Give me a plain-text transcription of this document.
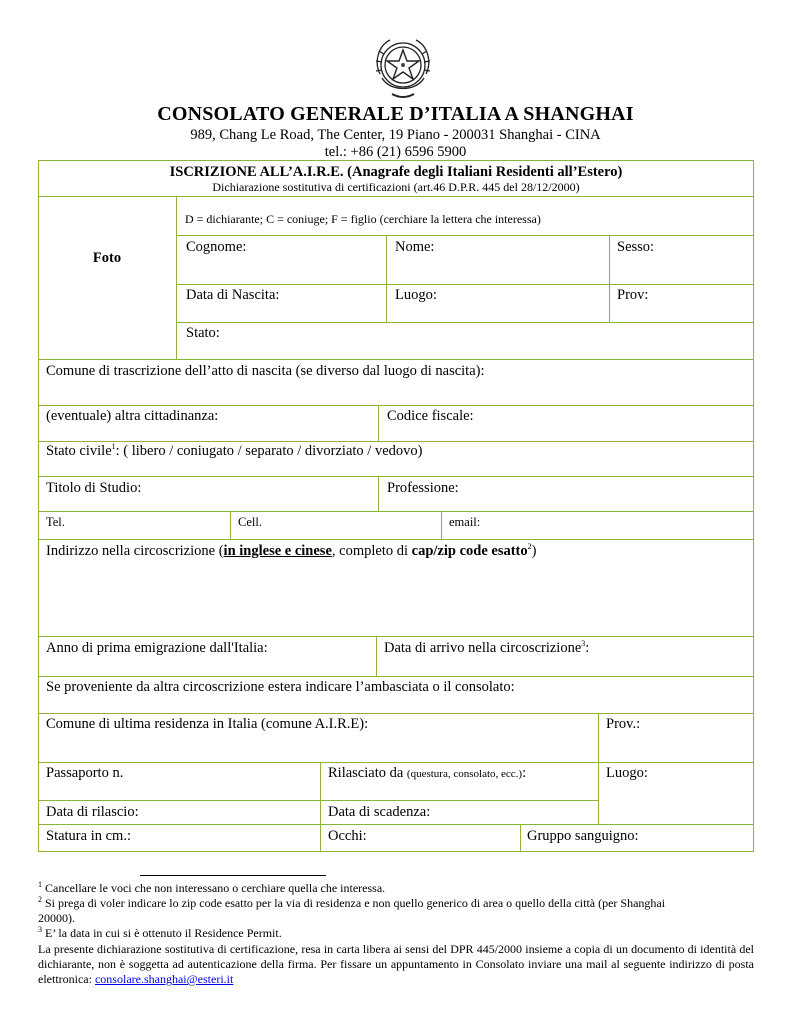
CONSOLATO GENERALE D’ITALIA A SHANGHAI
989, Chang Le Road, The Center, 19 Piano - 200031 Shanghai - CINA
tel.: +86 (21) 6596 5900
ISCRIZIONE ALL’A.I.R.E. (Anagrafe degli Italiani Residenti all’Estero)
Dichiarazione sostitutiva di certificazioni (art.46 D.P.R. 445 del 28/12/2000)
Foto
D = dichiarante; C = coniuge; F = figlio (cerchiare la lettera che interessa)
Cognome:	Nome:	Sesso:
Data di Nascita:	Luogo:	Prov:
Stato:
Comune di trascrizione dell’atto di nascita (se diverso dal luogo di nascita):
(eventuale) altra cittadinanza:	Codice fiscale:
Stato civile$^1$: ( libero / coniugato / separato / divorziato / vedovo)
Titolo di Studio:	Professione:
Tel.	Cell.	email:
Indirizzo nella circoscrizione (in inglese e cinese, completo di cap/zip code esatto$^2$)
Anno di prima emigrazione dall'Italia:	Data di arrivo nella circoscrizione$^3$:
Se proveniente da altra circoscrizione estera indicare l’ambasciata o il consolato:
Comune di ultima residenza in Italia (comune A.I.R.E):	Prov.:
Passaporto n.	Rilasciato da (questura, consolato, ecc.):	Luogo:
Data di rilascio:	Data di scadenza:
Statura in cm.:	Occhi:	Gruppo sanguigno:
$^1$ Cancellare le voci che non interessano o cerchiare quella che interessa.
$^2$ Si prega di voler indicare lo zip code esatto per la via di residenza e non quello generico di area o quello della città (per Shanghai 20000).
$^3$ E’ la data in cui si è ottenuto il Residence Permit.
La presente dichiarazione sostitutiva di certificazione, resa in carta libera ai sensi del DPR 445/2000 insieme a copia di un documento di identità del dichiarante, non è soggetta ad autenticazione della firma. Per fissare un appuntamento in Consolato inviare una mail al seguente indirizzo di posta elettronica: consolare.shanghai@esteri.it
